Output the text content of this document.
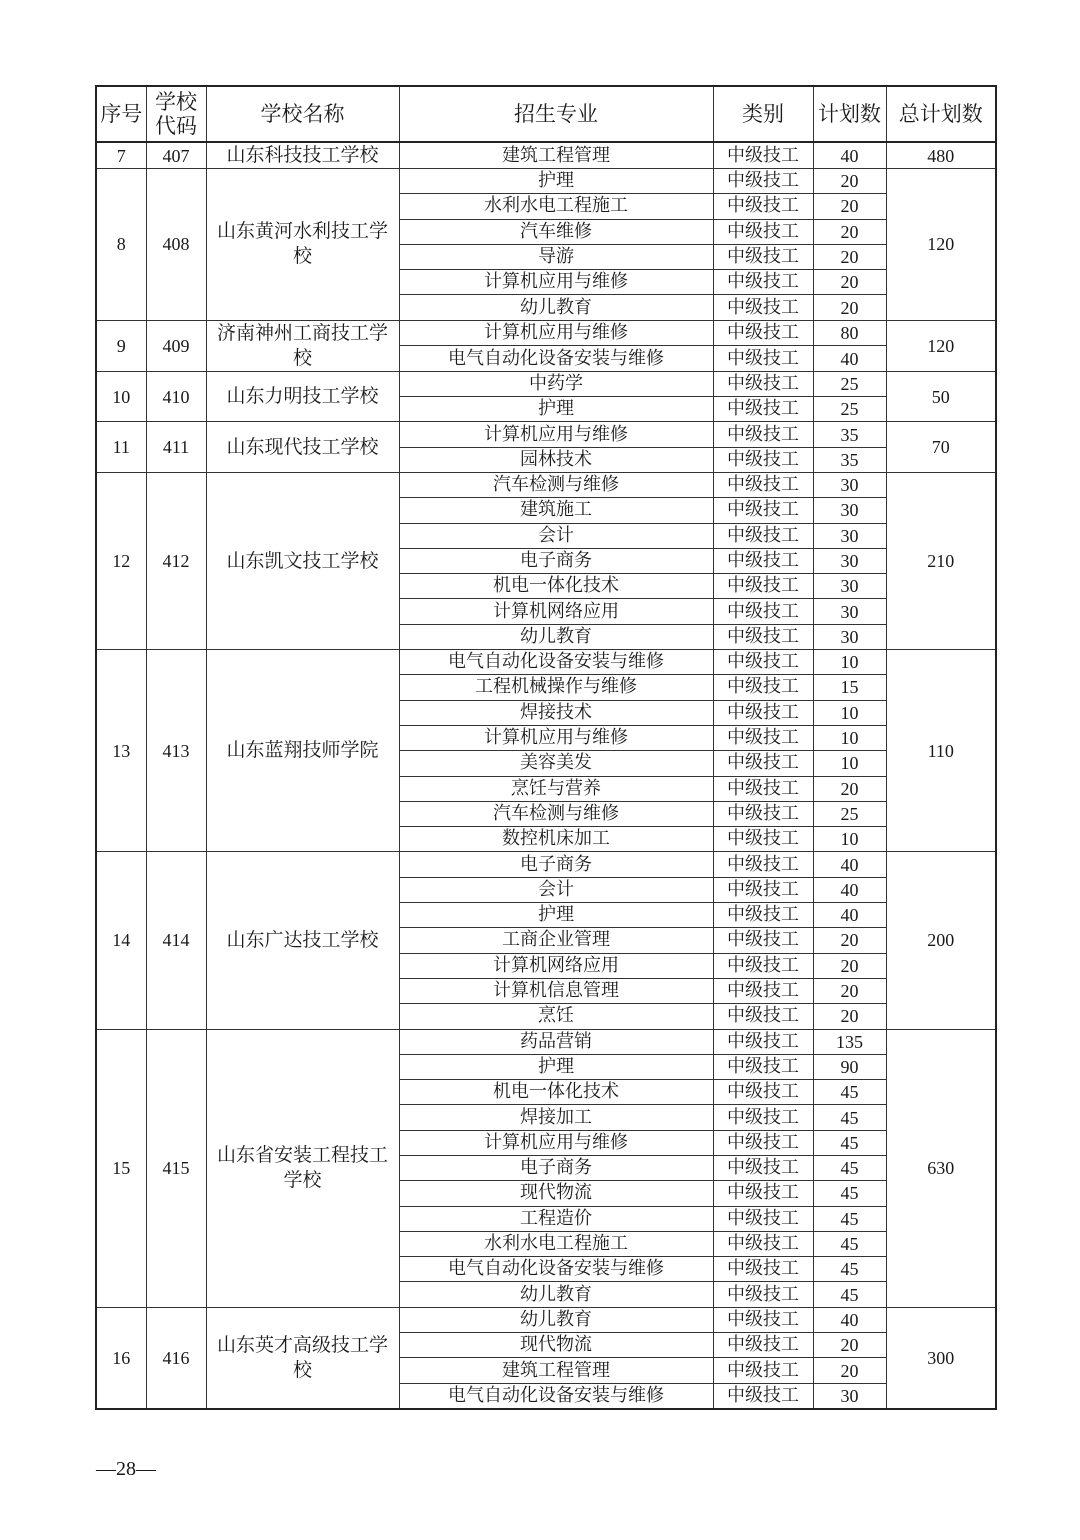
序号	学校代码	学校名称	招生专业	类别	计划数	总计划数
7	407	山东科技技工学校	建筑工程管理	中级技工	40	480
8	408	山东黄河水利技工学校	护理	中级技工	20	120
			水利水电工程施工	中级技工	20	
			汽车维修	中级技工	20	
			导游	中级技工	20	
			计算机应用与维修	中级技工	20	
			幼儿教育	中级技工	20	
9	409	济南神州工商技工学校	计算机应用与维修	中级技工	80	120
			电气自动化设备安装与维修	中级技工	40	
10	410	山东力明技工学校	中药学	中级技工	25	50
			护理	中级技工	25	
11	411	山东现代技工学校	计算机应用与维修	中级技工	35	70
			园林技术	中级技工	35	
12	412	山东凯文技工学校	汽车检测与维修	中级技工	30	210
			建筑施工	中级技工	30	
			会计	中级技工	30	
			电子商务	中级技工	30	
			机电一体化技术	中级技工	30	
			计算机网络应用	中级技工	30	
			幼儿教育	中级技工	30	
13	413	山东蓝翔技师学院	电气自动化设备安装与维修	中级技工	10	110
			工程机械操作与维修	中级技工	15	
			焊接技术	中级技工	10	
			计算机应用与维修	中级技工	10	
			美容美发	中级技工	10	
			烹饪与营养	中级技工	20	
			汽车检测与维修	中级技工	25	
			数控机床加工	中级技工	10	
14	414	山东广达技工学校	电子商务	中级技工	40	200
			会计	中级技工	40	
			护理	中级技工	40	
			工商企业管理	中级技工	20	
			计算机网络应用	中级技工	20	
			计算机信息管理	中级技工	20	
			烹饪	中级技工	20	
15	415	山东省安装工程技工学校	药品营销	中级技工	135	630
			护理	中级技工	90	
			机电一体化技术	中级技工	45	
			焊接加工	中级技工	45	
			计算机应用与维修	中级技工	45	
			电子商务	中级技工	45	
			现代物流	中级技工	45	
			工程造价	中级技工	45	
			水利水电工程施工	中级技工	45	
			电气自动化设备安装与维修	中级技工	45	
			幼儿教育	中级技工	45	
16	416	山东英才高级技工学校	幼儿教育	中级技工	40	300
			现代物流	中级技工	20	
			建筑工程管理	中级技工	20	
			电气自动化设备安装与维修	中级技工	30	
—28—
